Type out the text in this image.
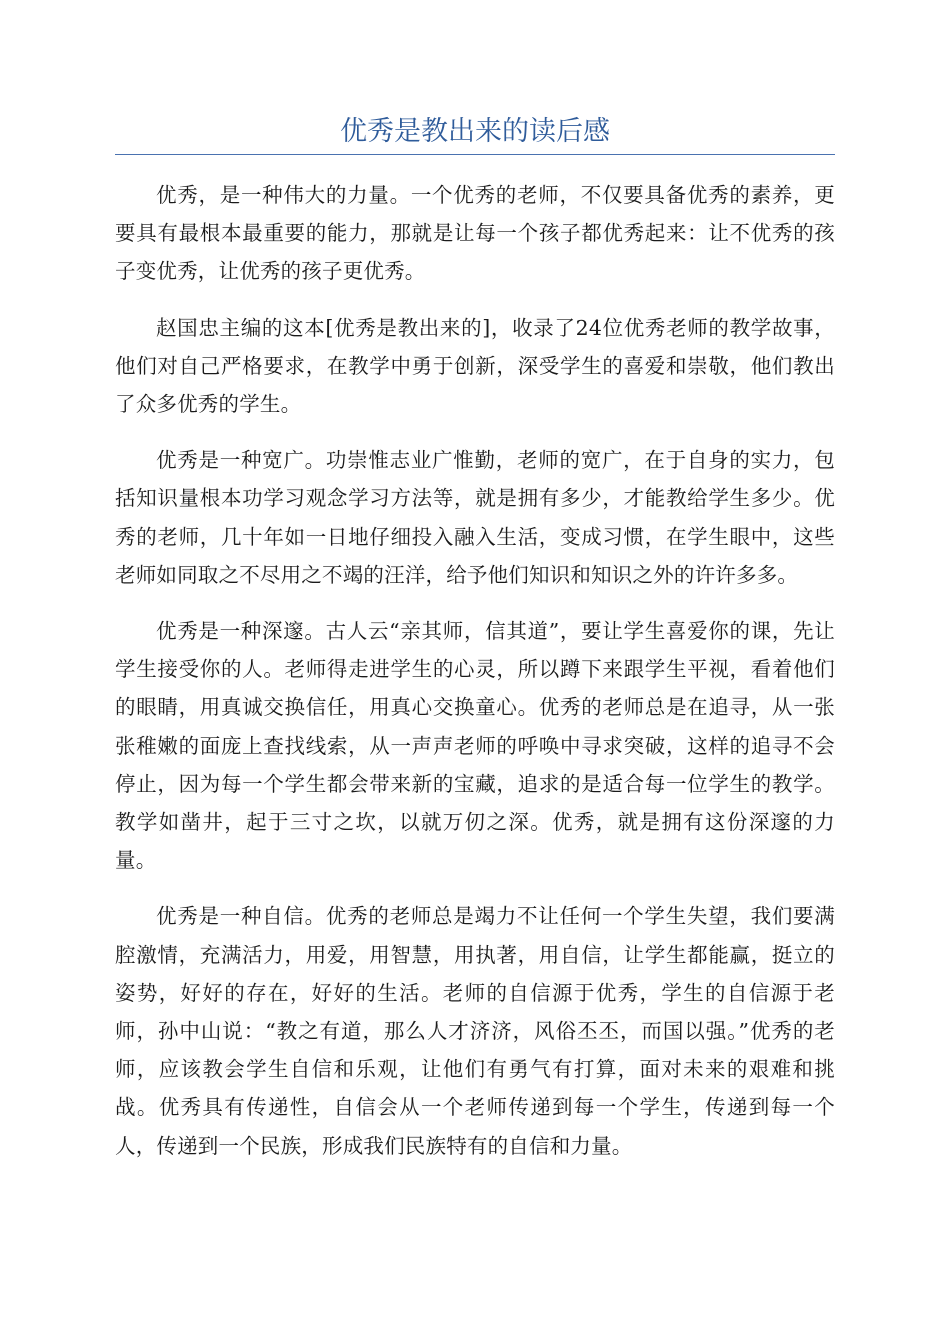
优秀是教出来的读后感

优秀，是一种伟大的力量。一个优秀的老师，不仅要具备优秀的素养，更要具有最根本最重要的能力，那就是让每一个孩子都优秀起来：让不优秀的孩子变优秀，让优秀的孩子更优秀。

赵国忠主编的这本[优秀是教出来的]，收录了24位优秀老师的教学故事，他们对自己严格要求，在教学中勇于创新，深受学生的喜爱和崇敬，他们教出了众多优秀的学生。

优秀是一种宽广。功崇惟志业广惟勤，老师的宽广，在于自身的实力，包括知识量根本功学习观念学习方法等，就是拥有多少，才能教给学生多少。优秀的老师，几十年如一日地仔细投入融入生活，变成习惯，在学生眼中，这些老师如同取之不尽用之不竭的汪洋，给予他们知识和知识之外的许许多多。

优秀是一种深邃。古人云“亲其师，信其道”，要让学生喜爱你的课，先让学生接受你的人。老师得走进学生的心灵，所以蹲下来跟学生平视，看着他们的眼睛，用真诚交换信任，用真心交换童心。优秀的老师总是在追寻，从一张张稚嫩的面庞上查找线索，从一声声老师的呼唤中寻求突破，这样的追寻不会停止，因为每一个学生都会带来新的宝藏，追求的是适合每一位学生的教学。教学如凿井，起于三寸之坎，以就万仞之深。优秀，就是拥有这份深邃的力量。

优秀是一种自信。优秀的老师总是竭力不让任何一个学生失望，我们要满腔激情，充满活力，用爱，用智慧，用执著，用自信，让学生都能赢，挺立的姿势，好好的存在，好好的生活。老师的自信源于优秀，学生的自信源于老师，孙中山说：“教之有道，那么人才济济，风俗丕丕，而国以强。”优秀的老师，应该教会学生自信和乐观，让他们有勇气有打算，面对未来的艰难和挑战。优秀具有传递性，自信会从一个老师传递到每一个学生，传递到每一个人，传递到一个民族，形成我们民族特有的自信和力量。
